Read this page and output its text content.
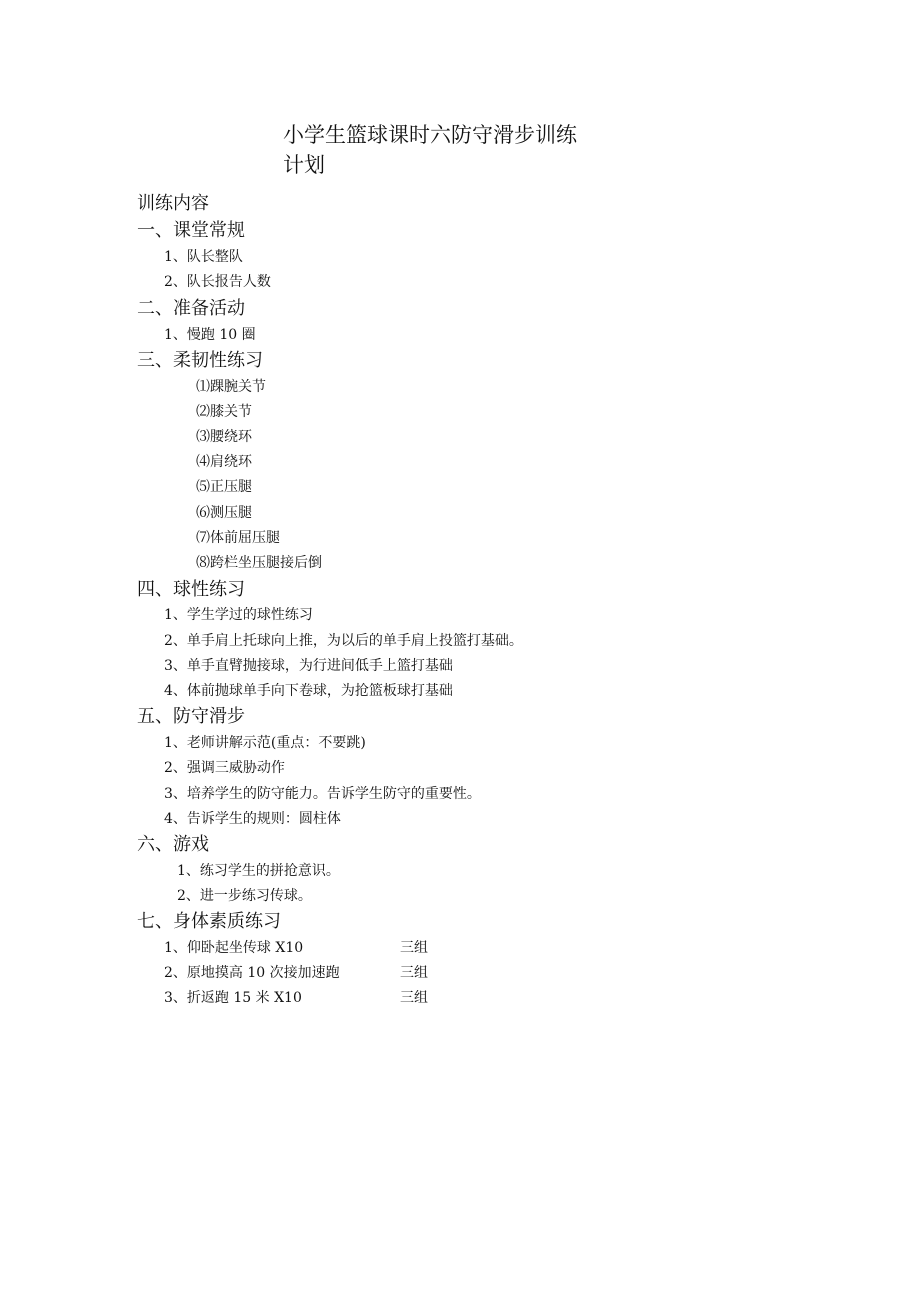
小学生篮球课时六防守滑步训练计划
训练内容
一、课堂常规
1、队长整队
2、队长报告人数
二、准备活动
1、慢跑 10 圈
三、柔韧性练习
⑴踝腕关节
⑵膝关节
⑶腰绕环
⑷肩绕环
⑸正压腿
⑹测压腿
⑺体前屈压腿
⑻跨栏坐压腿接后倒
四、球性练习
1、学生学过的球性练习
2、单手肩上托球向上推，为以后的单手肩上投篮打基础。
3、单手直臂抛接球，为行进间低手上篮打基础
4、体前抛球单手向下卷球，为抢篮板球打基础
五、防守滑步
1、老师讲解示范(重点：不要跳)
2、强调三威胁动作
3、培养学生的防守能力。告诉学生防守的重要性。
4、告诉学生的规则：圆柱体
六、游戏
1、练习学生的拼抢意识。
2、进一步练习传球。
七、身体素质练习
1、仰卧起坐传球 X10	三组
2、原地摸高 10 次接加速跑	三组
3、折返跑 15 米 X10	三组
